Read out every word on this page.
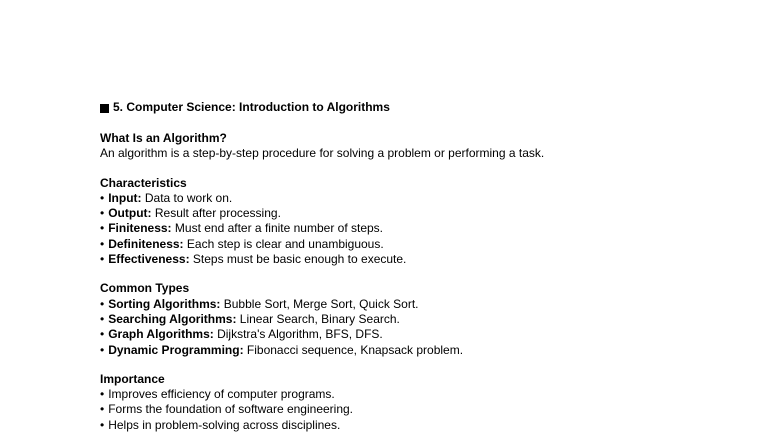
5. Computer Science: Introduction to Algorithms

What Is an Algorithm?

An algorithm is a step-by-step procedure for solving a problem or performing a task.

Characteristics

• Input: Data to work on.
• Output: Result after processing.
• Finiteness: Must end after a finite number of steps.
• Definiteness: Each step is clear and unambiguous.
• Effectiveness: Steps must be basic enough to execute.

Common Types

• Sorting Algorithms: Bubble Sort, Merge Sort, Quick Sort.
• Searching Algorithms: Linear Search, Binary Search.
• Graph Algorithms: Dijkstra's Algorithm, BFS, DFS.
• Dynamic Programming: Fibonacci sequence, Knapsack problem.

Importance

• Improves efficiency of computer programs.
• Forms the foundation of software engineering.
• Helps in problem-solving across disciplines.
